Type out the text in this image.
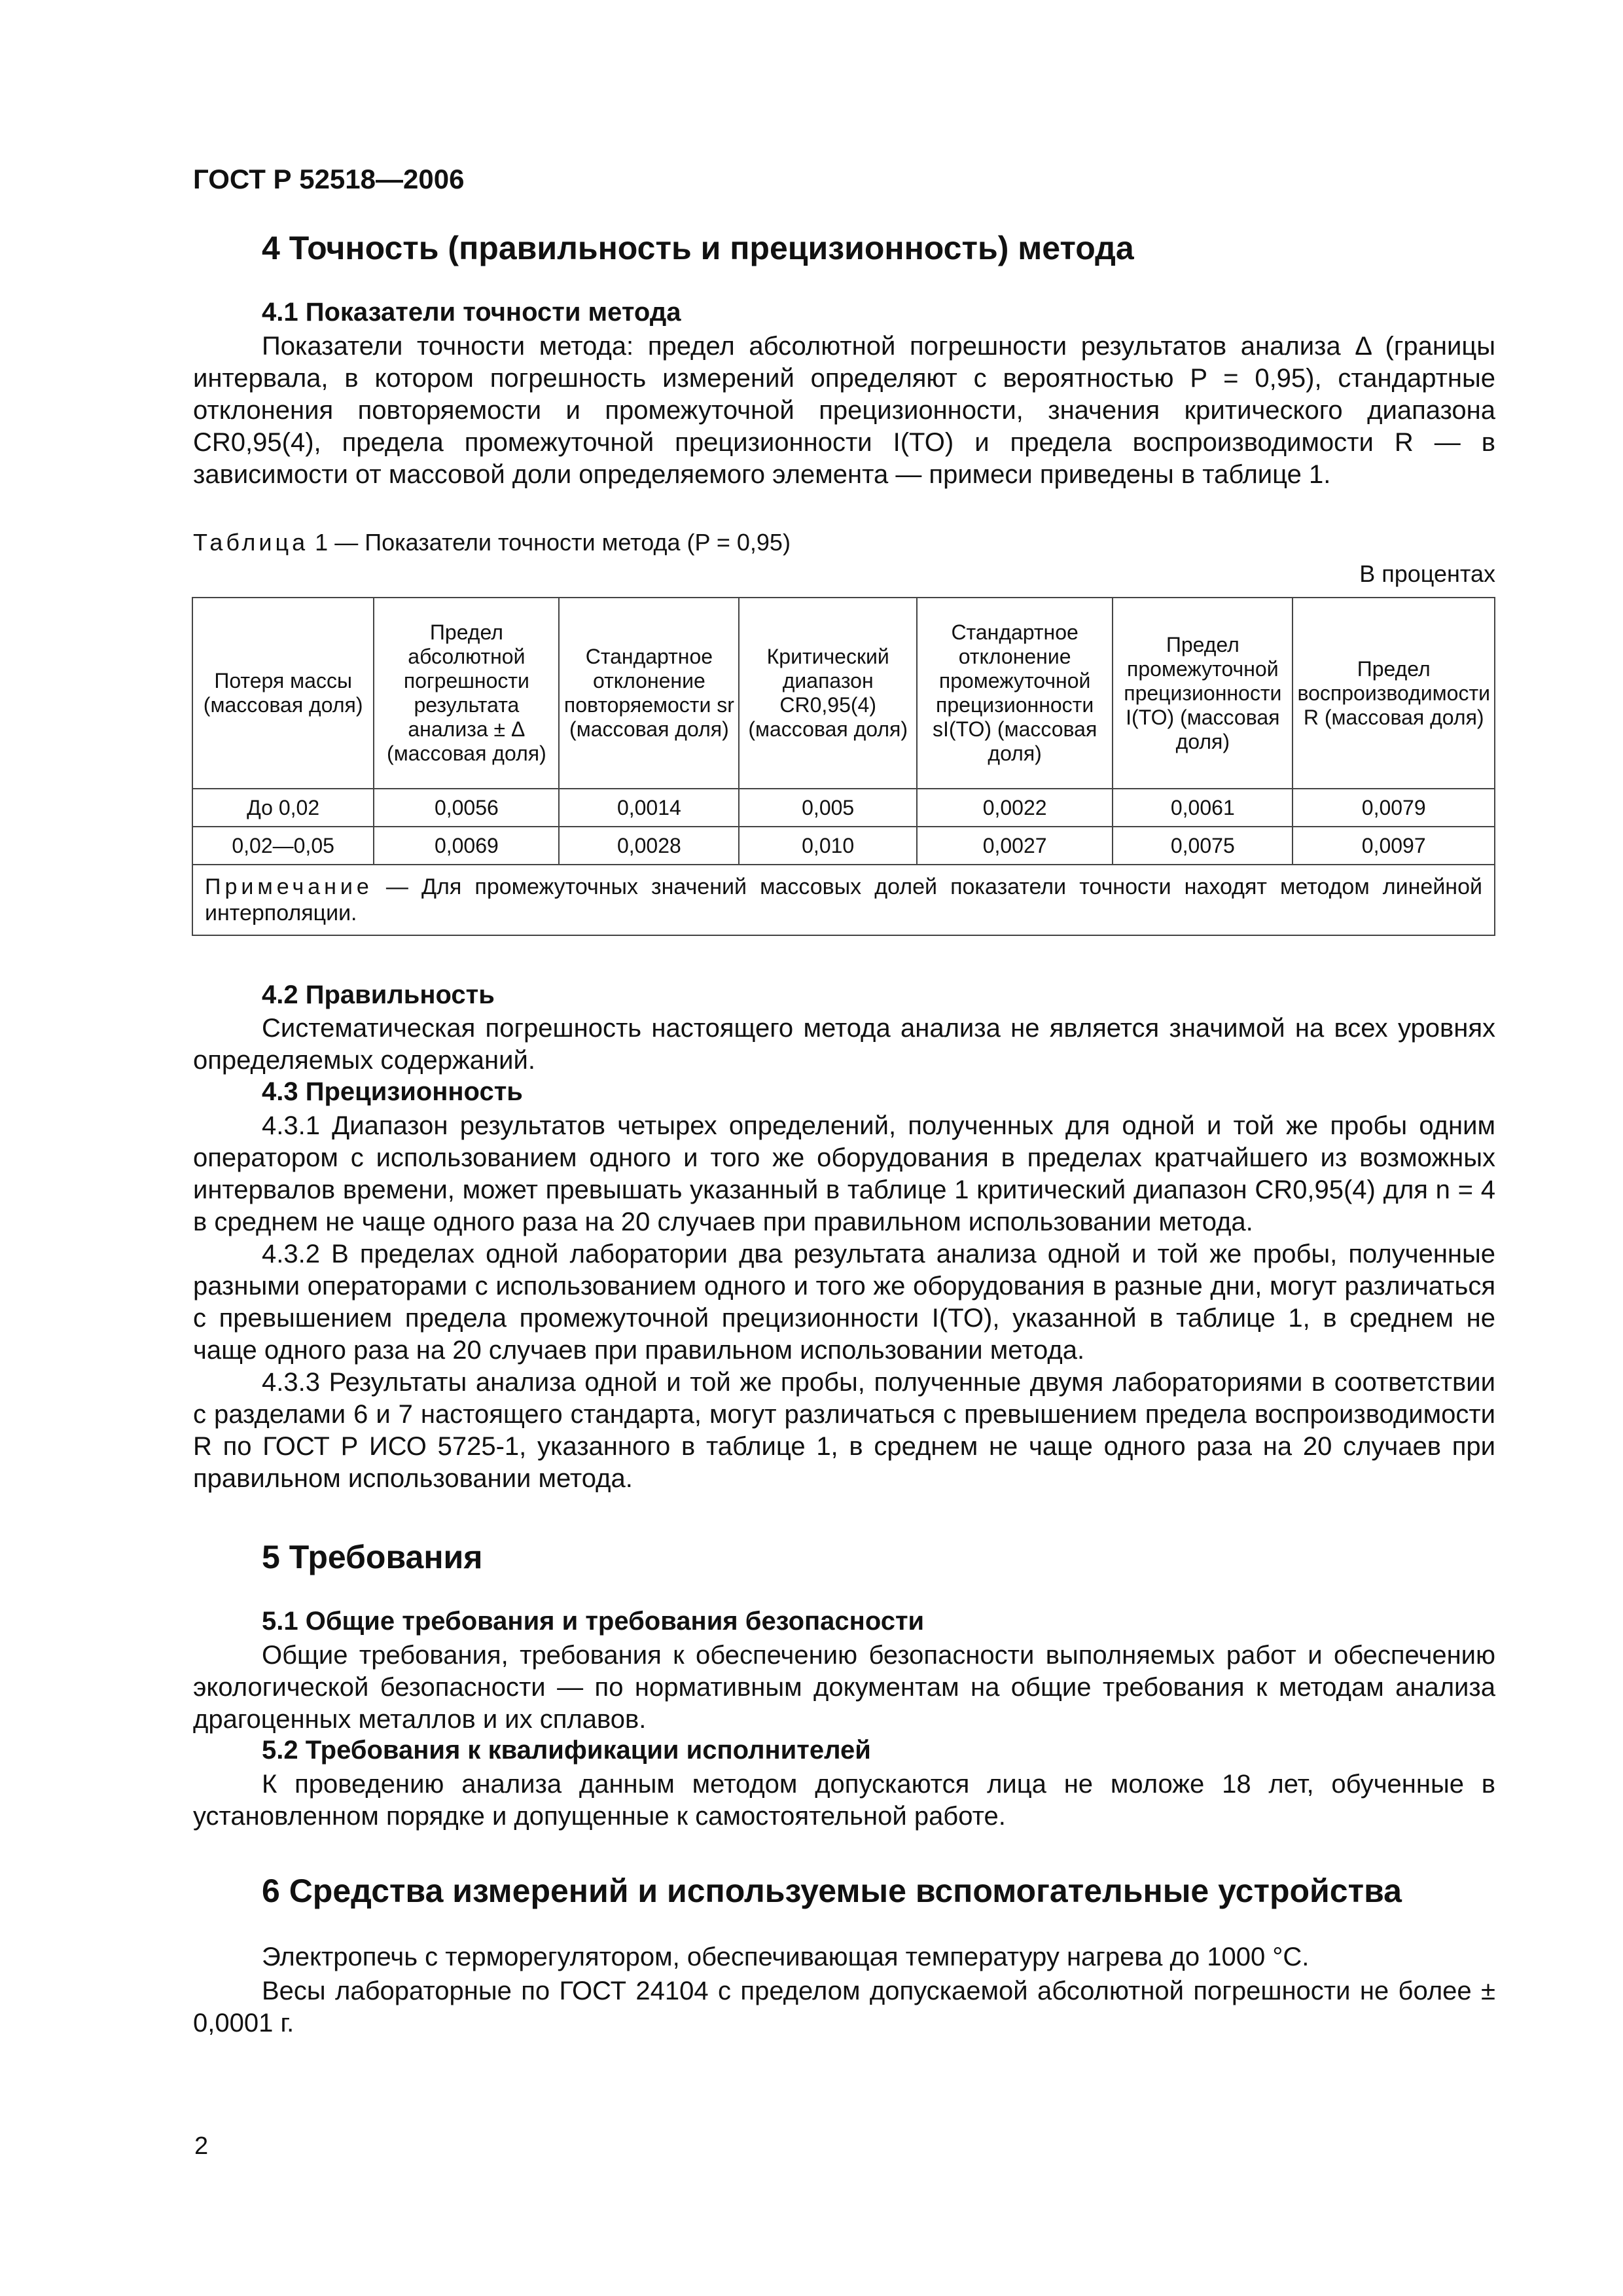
ГОСТ Р 52518—2006
4 Точность (правильность и прецизионность) метода
4.1 Показатели точности метода

Показатели точности метода: предел абсолютной погрешности результатов анализа Δ (границы интервала, в котором погрешность измерений определяют с вероятностью P = 0,95), стандартные отклонения повторяемости и промежуточной прецизионности, значения критического диапазона CR0,95(4), предела промежуточной прецизионности I(TO) и предела воспроизводимости R — в зависимости от массовой доли определяемого элемента — примеси приведены в таблице 1.

Таблица 1 — Показатели точности метода (P = 0,95)
В процентах
Потеря массы (массовая доля)	Предел абсолютной погрешности результата анализа ± Δ (массовая доля)	Стандартное отклонение повторяемости sr (массовая доля)	Критический диапазон CR0,95(4) (массовая доля)	Стандартное отклонение промежуточной прецизионности sI(TO) (массовая доля)	Предел промежуточной прецизионности I(TO) (массовая доля)	Предел воспроизводимости R (массовая доля)
До 0,02	0,0056	0,0014	0,005	0,0022	0,0061	0,0079
0,02—0,05	0,0069	0,0028	0,010	0,0027	0,0075	0,0097
Примечание — Для промежуточных значений массовых долей показатели точности находят методом линейной интерполяции.						
4.2 Правильность

Систематическая погрешность настоящего метода анализа не является значимой на всех уровнях определяемых содержаний.

4.3 Прецизионность

4.3.1 Диапазон результатов четырех определений, полученных для одной и той же пробы одним оператором с использованием одного и того же оборудования в пределах кратчайшего из возможных интервалов времени, может превышать указанный в таблице 1 критический диапазон CR0,95(4) для n = 4 в среднем не чаще одного раза на 20 случаев при правильном использовании метода.

4.3.2 В пределах одной лаборатории два результата анализа одной и той же пробы, полученные разными операторами с использованием одного и того же оборудования в разные дни, могут различаться с превышением предела промежуточной прецизионности I(TO), указанной в таблице 1, в среднем не чаще одного раза на 20 случаев при правильном использовании метода.

4.3.3 Результаты анализа одной и той же пробы, полученные двумя лабораториями в соответствии с разделами 6 и 7 настоящего стандарта, могут различаться с превышением предела воспроизводимости R по ГОСТ Р ИСО 5725-1, указанного в таблице 1, в среднем не чаще одного раза на 20 случаев при правильном использовании метода.

5 Требования
5.1 Общие требования и требования безопасности

Общие требования, требования к обеспечению безопасности выполняемых работ и обеспечению экологической безопасности — по нормативным документам на общие требования к методам анализа драгоценных металлов и их сплавов.

5.2 Требования к квалификации исполнителей

К проведению анализа данным методом допускаются лица не моложе 18 лет, обученные в установленном порядке и допущенные к самостоятельной работе.

6 Средства измерений и используемые вспомогательные устройства

Электропечь с терморегулятором, обеспечивающая температуру нагрева до 1000 °С.

Весы лабораторные по ГОСТ 24104 с пределом допускаемой абсолютной погрешности не более ± 0,0001 г.

2
